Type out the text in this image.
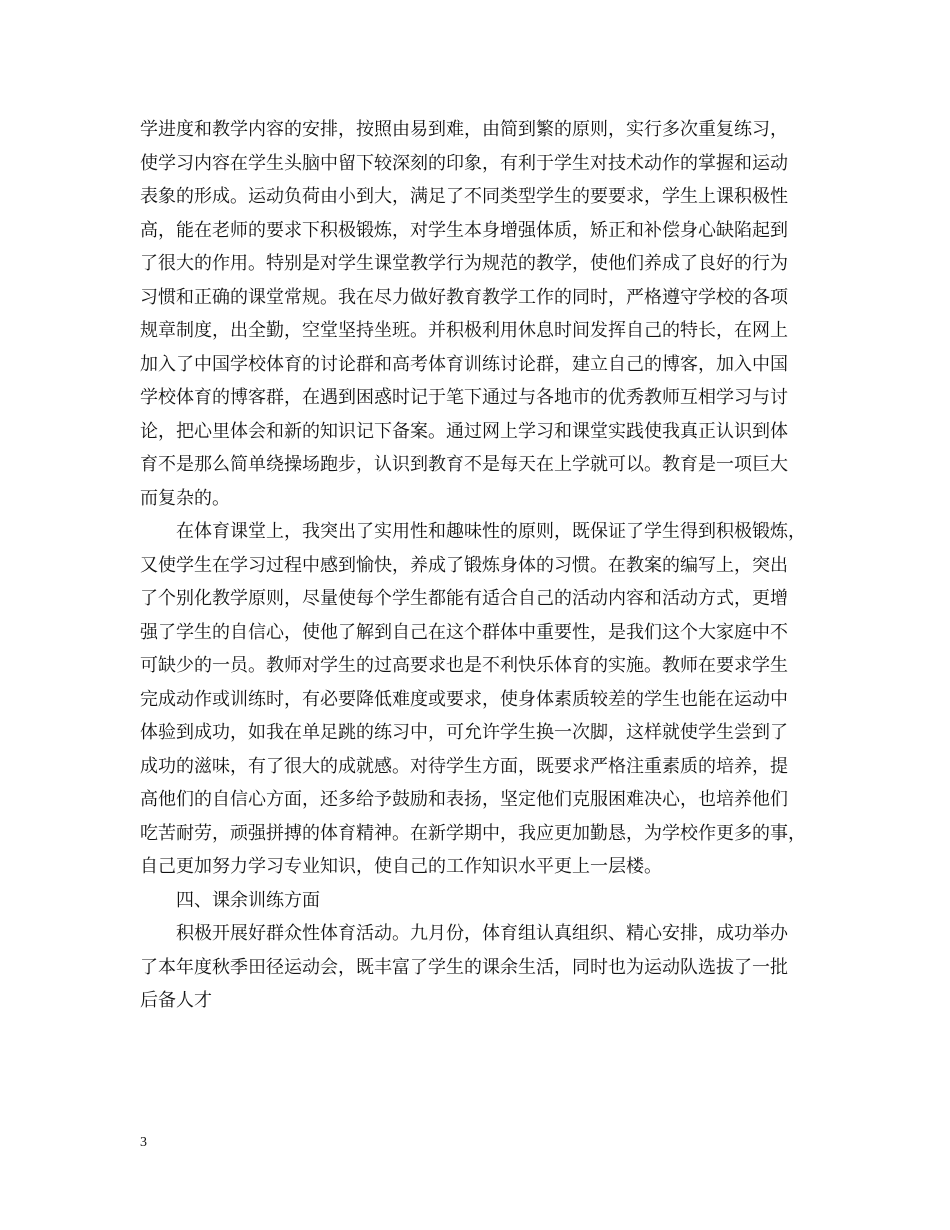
学进度和教学内容的安排，按照由易到难，由简到繁的原则，实行多次重复练习，
使学习内容在学生头脑中留下较深刻的印象，有利于学生对技术动作的掌握和运动
表象的形成。运动负荷由小到大，满足了不同类型学生的要要求，学生上课积极性
高，能在老师的要求下积极锻炼，对学生本身增强体质，矫正和补偿身心缺陷起到
了很大的作用。特别是对学生课堂教学行为规范的教学，使他们养成了良好的行为
习惯和正确的课堂常规。我在尽力做好教育教学工作的同时，严格遵守学校的各项
规章制度，出全勤，空堂坚持坐班。并积极利用休息时间发挥自己的特长，在网上
加入了中国学校体育的讨论群和高考体育训练讨论群，建立自己的博客，加入中国
学校体育的博客群，在遇到困惑时记于笔下通过与各地市的优秀教师互相学习与讨
论，把心里体会和新的知识记下备案。通过网上学习和课堂实践使我真正认识到体
育不是那么简单绕操场跑步，认识到教育不是每天在上学就可以。教育是一项巨大
而复杂的。
在体育课堂上，我突出了实用性和趣味性的原则，既保证了学生得到积极锻炼，
又使学生在学习过程中感到愉快，养成了锻炼身体的习惯。在教案的编写上，突出
了个别化教学原则，尽量使每个学生都能有适合自己的活动内容和活动方式，更增
强了学生的自信心，使他了解到自己在这个群体中重要性，是我们这个大家庭中不
可缺少的一员。教师对学生的过高要求也是不利快乐体育的实施。教师在要求学生
完成动作或训练时，有必要降低难度或要求，使身体素质较差的学生也能在运动中
体验到成功，如我在单足跳的练习中，可允许学生换一次脚，这样就使学生尝到了
成功的滋味，有了很大的成就感。对待学生方面，既要求严格注重素质的培养，提
高他们的自信心方面，还多给予鼓励和表扬，坚定他们克服困难决心，也培养他们
吃苦耐劳，顽强拼搏的体育精神。在新学期中，我应更加勤恳，为学校作更多的事，
自己更加努力学习专业知识，使自己的工作知识水平更上一层楼。
四、课余训练方面
积极开展好群众性体育活动。九月份，体育组认真组织、精心安排，成功举办
了本年度秋季田径运动会，既丰富了学生的课余生活，同时也为运动队选拔了一批
后备人才
3
